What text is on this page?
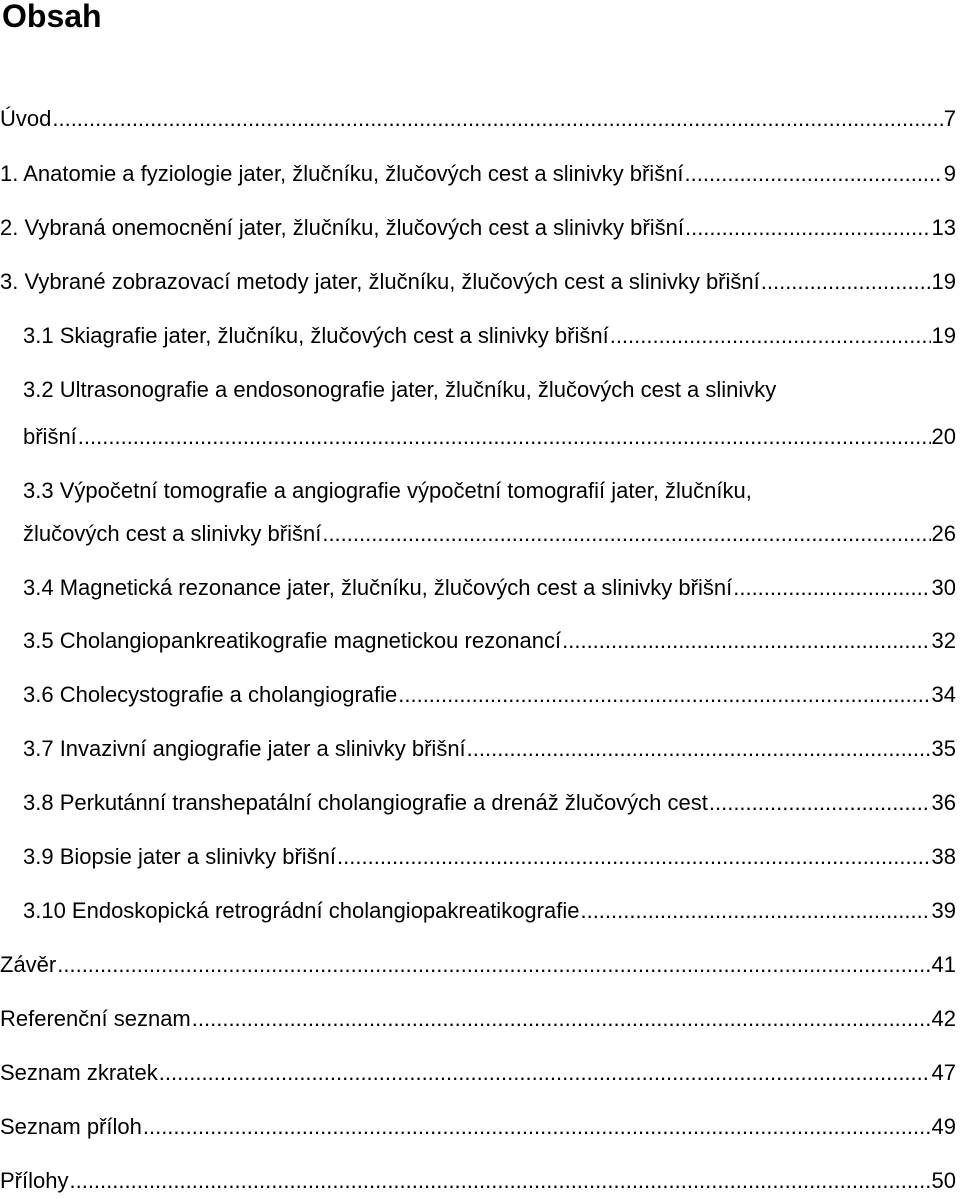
Obsah
Úvod .....	7
1. Anatomie a fyziologie jater, žlučníku, žlučových cest a slinivky břišní .....	9
2. Vybraná onemocnění jater, žlučníku, žlučových cest a slinivky břišní .....	13
3. Vybrané zobrazovací metody jater, žlučníku, žlučových cest a slinivky břišní .....	19
3.1 Skiagrafie jater, žlučníku, žlučových cest a slinivky břišní .....	19
3.2 Ultrasonografie a endosonografie jater, žlučníku, žlučových cest a slinivky
břišní .....	20
3.3 Výpočetní tomografie a angiografie výpočetní tomografií jater, žlučníku,
žlučových cest a slinivky břišní .....	26
3.4 Magnetická rezonance jater, žlučníku, žlučových cest a slinivky břišní .....	30
3.5 Cholangiopankreatikografie magnetickou rezonancí .....	32
3.6 Cholecystografie a cholangiografie .....	34
3.7 Invazivní angiografie jater a slinivky břišní .....	35
3.8 Perkutánní transhepatální cholangiografie a drenáž žlučových cest .....	36
3.9 Biopsie jater a slinivky břišní .....	38
3.10 Endoskopická retrográdní cholangiopakreatikografie .....	39
Závěr .....	41
Referenční seznam .....	42
Seznam zkratek .....	47
Seznam příloh .....	49
Přílohy .....	50
